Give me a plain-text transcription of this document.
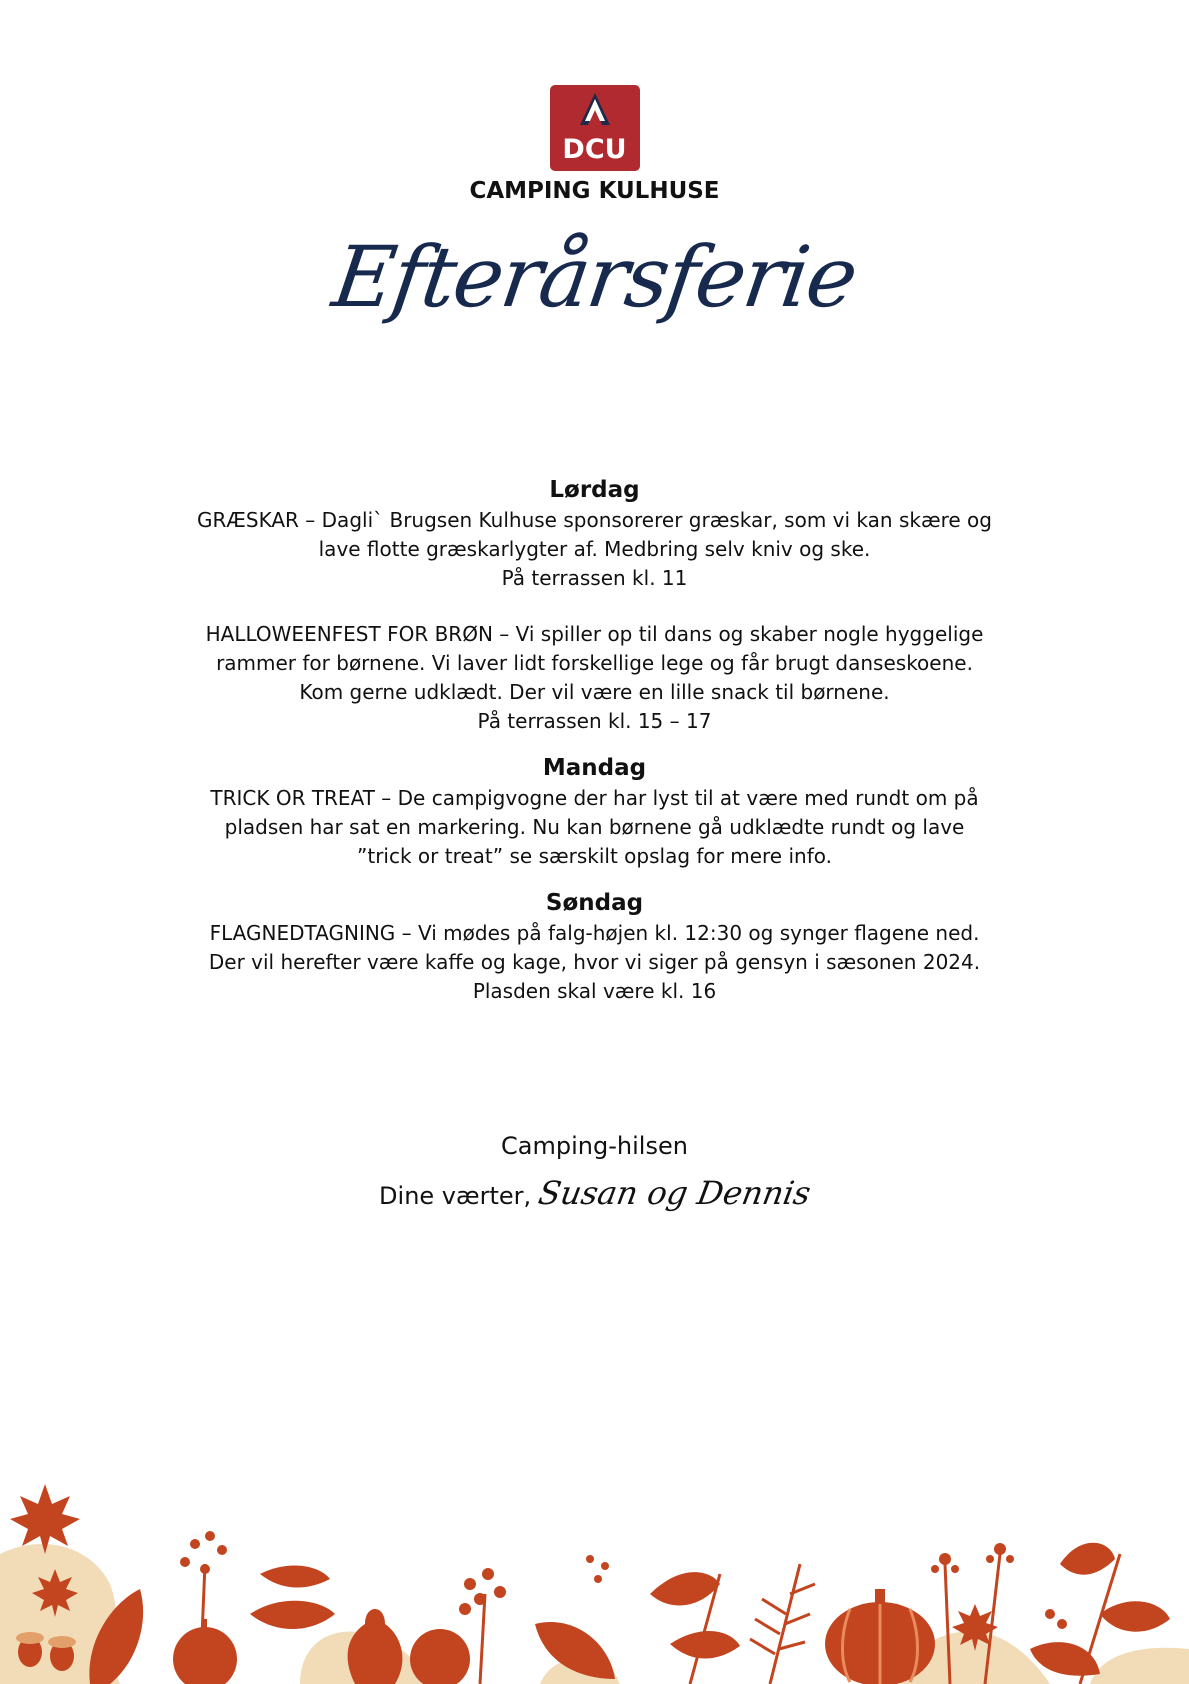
DCU
CAMPING KULHUSE
Efterårsferie

Lørdag

GRÆSKAR – Dagli` Brugsen Kulhuse sponsorerer græskar, som vi kan skære og

lave flotte græskarlygter af. Medbring selv kniv og ske.

På terrassen kl. 11

HALLOWEENFEST FOR BRØN – Vi spiller op til dans og skaber nogle hyggelige

rammer for børnene. Vi laver lidt forskellige lege og får brugt danseskoene.

Kom gerne udklædt. Der vil være en lille snack til børnene.

På terrassen kl. 15 – 17

Mandag

TRICK OR TREAT – De campigvogne der har lyst til at være med rundt om på

pladsen har sat en markering. Nu kan børnene gå udklædte rundt og lave

”trick or treat” se særskilt opslag for mere info.

Søndag

FLAGNEDTAGNING – Vi mødes på falg-højen kl. 12:30 og synger flagene ned.

Der vil herefter være kaffe og kage, hvor vi siger på gensyn i sæsonen 2024.

Plasden skal være kl. 16

Camping-hilsen
Dine værter, Susan og Dennis
